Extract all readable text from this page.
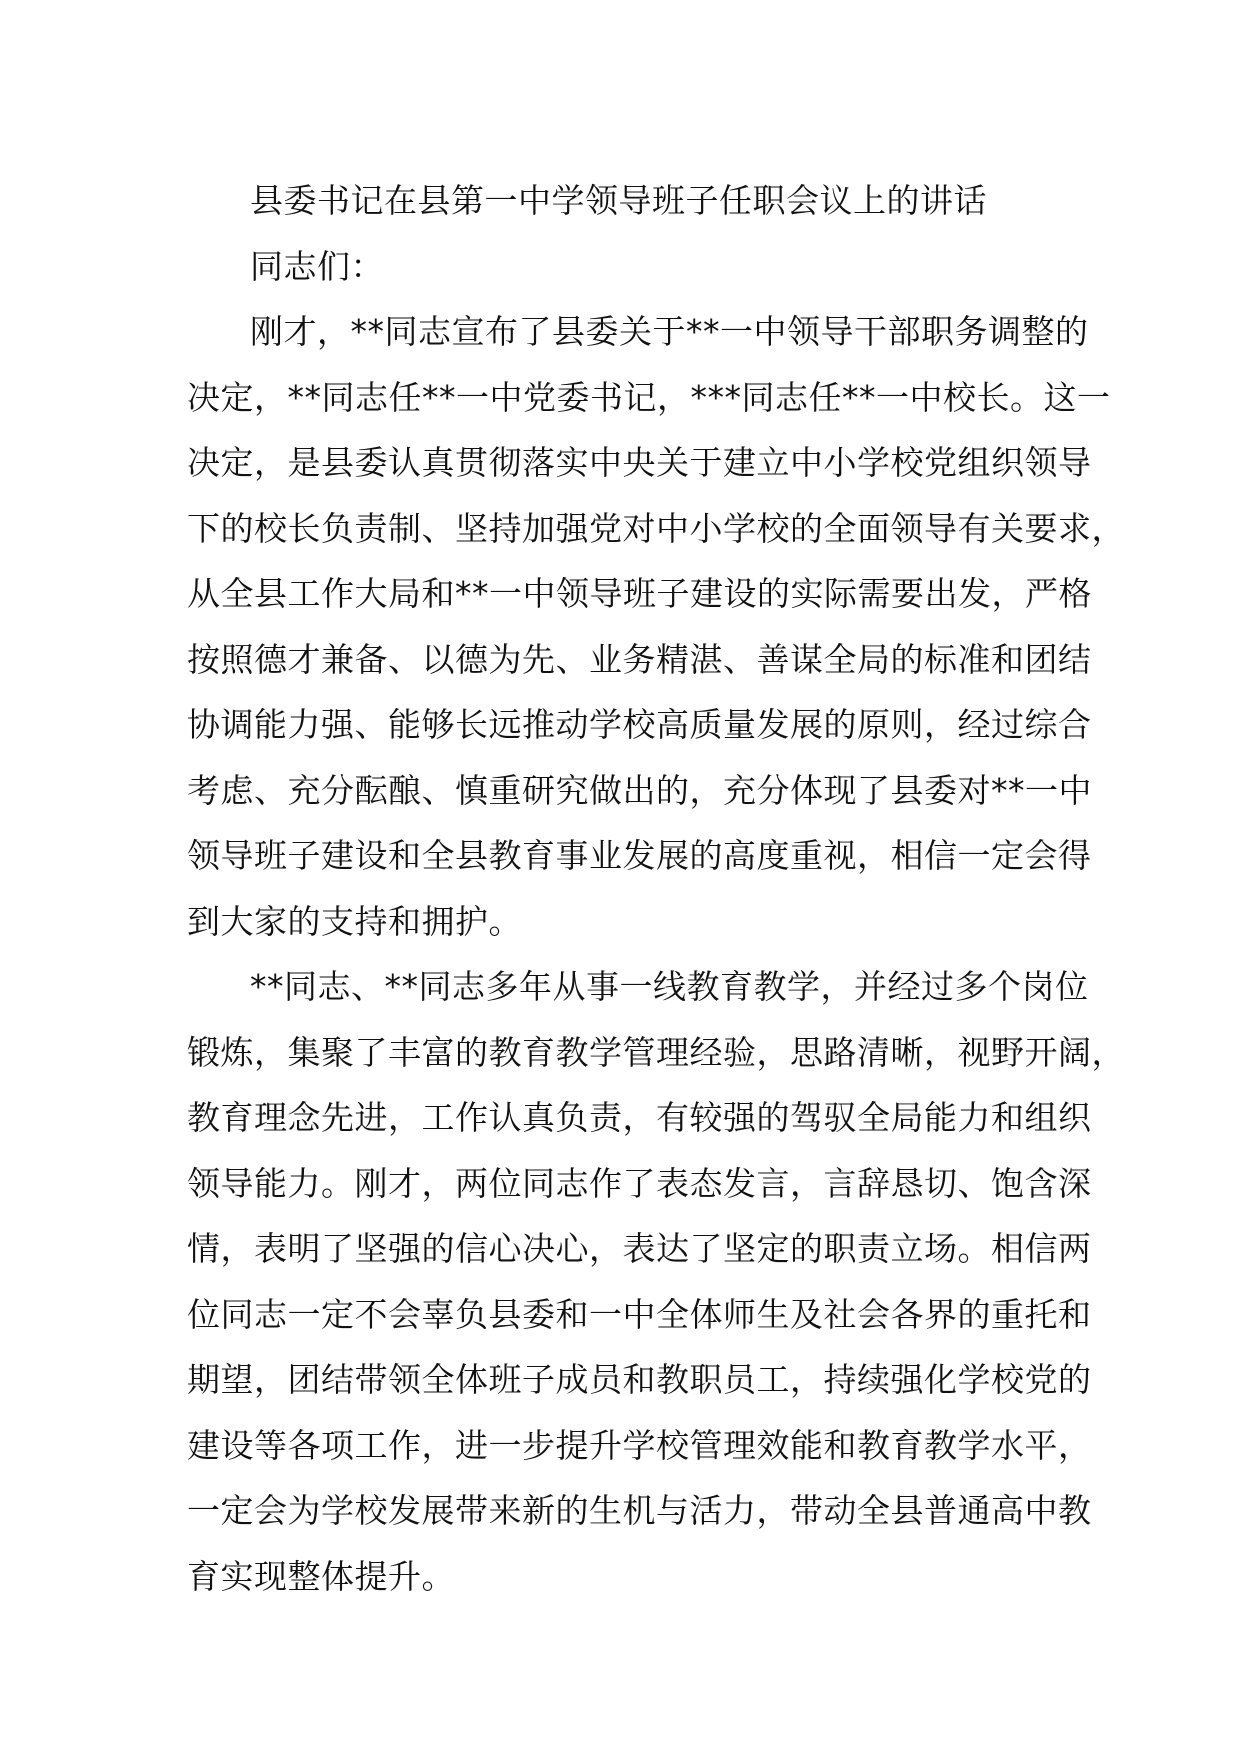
县委书记在县第一中学领导班子任职会议上的讲话
同志们：
刚才，**同志宣布了县委关于**一中领导干部职务调整的
决定，**同志任**一中党委书记，***同志任**一中校长。这一
决定，是县委认真贯彻落实中央关于建立中小学校党组织领导
下的校长负责制、坚持加强党对中小学校的全面领导有关要求，
从全县工作大局和**一中领导班子建设的实际需要出发，严格
按照德才兼备、以德为先、业务精湛、善谋全局的标准和团结
协调能力强、能够长远推动学校高质量发展的原则，经过综合
考虑、充分酝酿、慎重研究做出的，充分体现了县委对**一中
领导班子建设和全县教育事业发展的高度重视，相信一定会得
到大家的支持和拥护。
**同志、**同志多年从事一线教育教学，并经过多个岗位
锻炼，集聚了丰富的教育教学管理经验，思路清晰，视野开阔，
教育理念先进，工作认真负责，有较强的驾驭全局能力和组织
领导能力。刚才，两位同志作了表态发言，言辞恳切、饱含深
情，表明了坚强的信心决心，表达了坚定的职责立场。相信两
位同志一定不会辜负县委和一中全体师生及社会各界的重托和
期望，团结带领全体班子成员和教职员工，持续强化学校党的
建设等各项工作，进一步提升学校管理效能和教育教学水平，
一定会为学校发展带来新的生机与活力，带动全县普通高中教
育实现整体提升。
